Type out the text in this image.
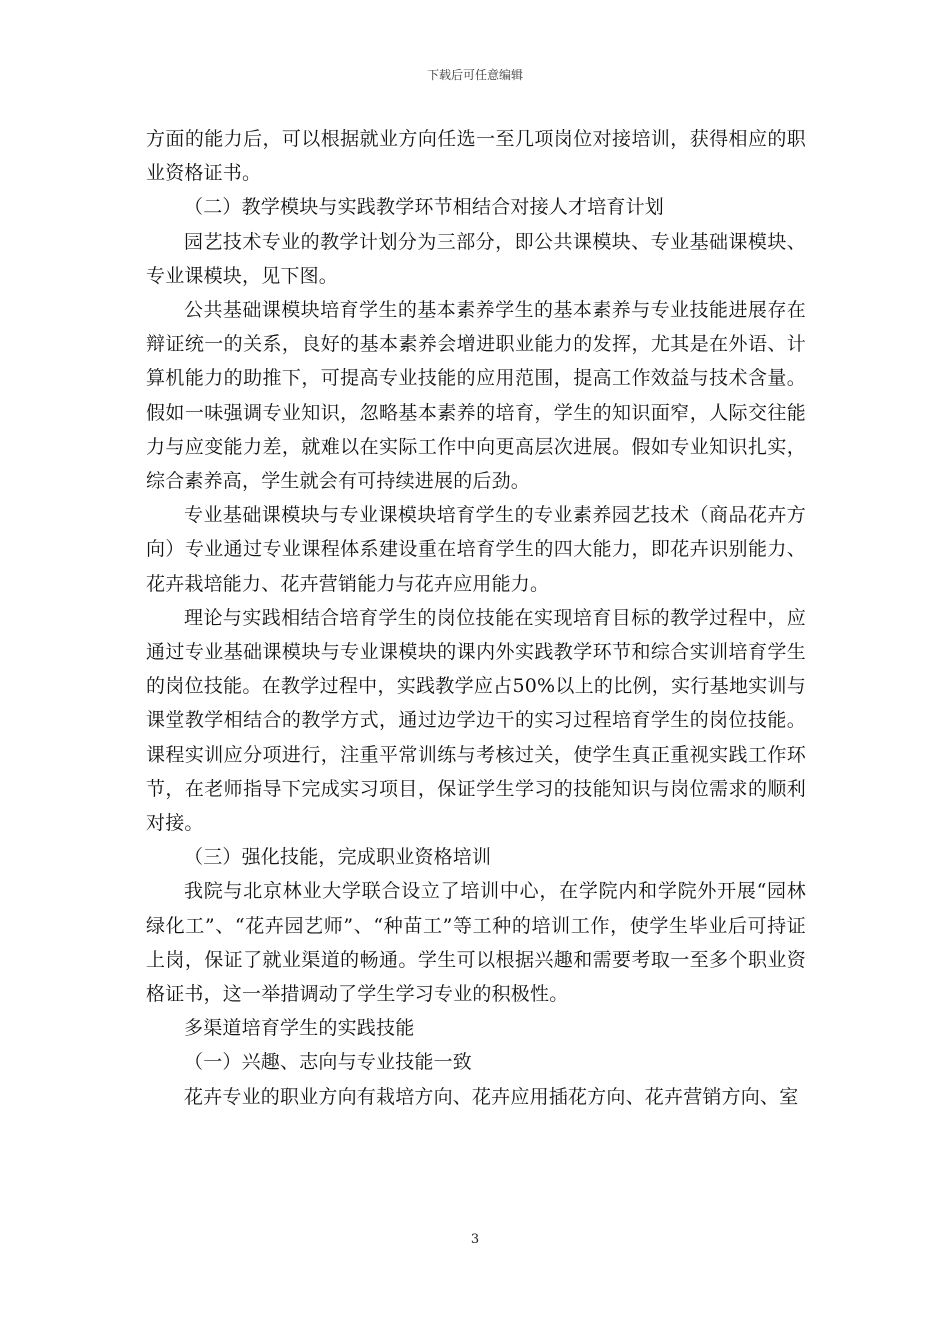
下载后可任意编辑

方面的能力后，可以根据就业方向任选一至几项岗位对接培训，获得相应的职业资格证书。

（二）教学模块与实践教学环节相结合对接人才培育计划

园艺技术专业的教学计划分为三部分，即公共课模块、专业基础课模块、专业课模块，见下图。

公共基础课模块培育学生的基本素养学生的基本素养与专业技能进展存在辩证统一的关系，良好的基本素养会增进职业能力的发挥，尤其是在外语、计算机能力的助推下，可提高专业技能的应用范围，提高工作效益与技术含量。假如一味强调专业知识，忽略基本素养的培育，学生的知识面窄，人际交往能力与应变能力差，就难以在实际工作中向更高层次进展。假如专业知识扎实，综合素养高，学生就会有可持续进展的后劲。

专业基础课模块与专业课模块培育学生的专业素养园艺技术（商品花卉方向）专业通过专业课程体系建设重在培育学生的四大能力，即花卉识别能力、花卉栽培能力、花卉营销能力与花卉应用能力。

理论与实践相结合培育学生的岗位技能在实现培育目标的教学过程中，应通过专业基础课模块与专业课模块的课内外实践教学环节和综合实训培育学生的岗位技能。在教学过程中，实践教学应占50%以上的比例，实行基地实训与课堂教学相结合的教学方式，通过边学边干的实习过程培育学生的岗位技能。课程实训应分项进行，注重平常训练与考核过关，使学生真正重视实践工作环节，在老师指导下完成实习项目，保证学生学习的技能知识与岗位需求的顺利对接。

（三）强化技能，完成职业资格培训

我院与北京林业大学联合设立了培训中心，在学院内和学院外开展“园林绿化工”、“花卉园艺师”、“种苗工”等工种的培训工作，使学生毕业后可持证上岗，保证了就业渠道的畅通。学生可以根据兴趣和需要考取一至多个职业资格证书，这一举措调动了学生学习专业的积极性。

多渠道培育学生的实践技能

（一）兴趣、志向与专业技能一致

花卉专业的职业方向有栽培方向、花卉应用插花方向、花卉营销方向、室

3
